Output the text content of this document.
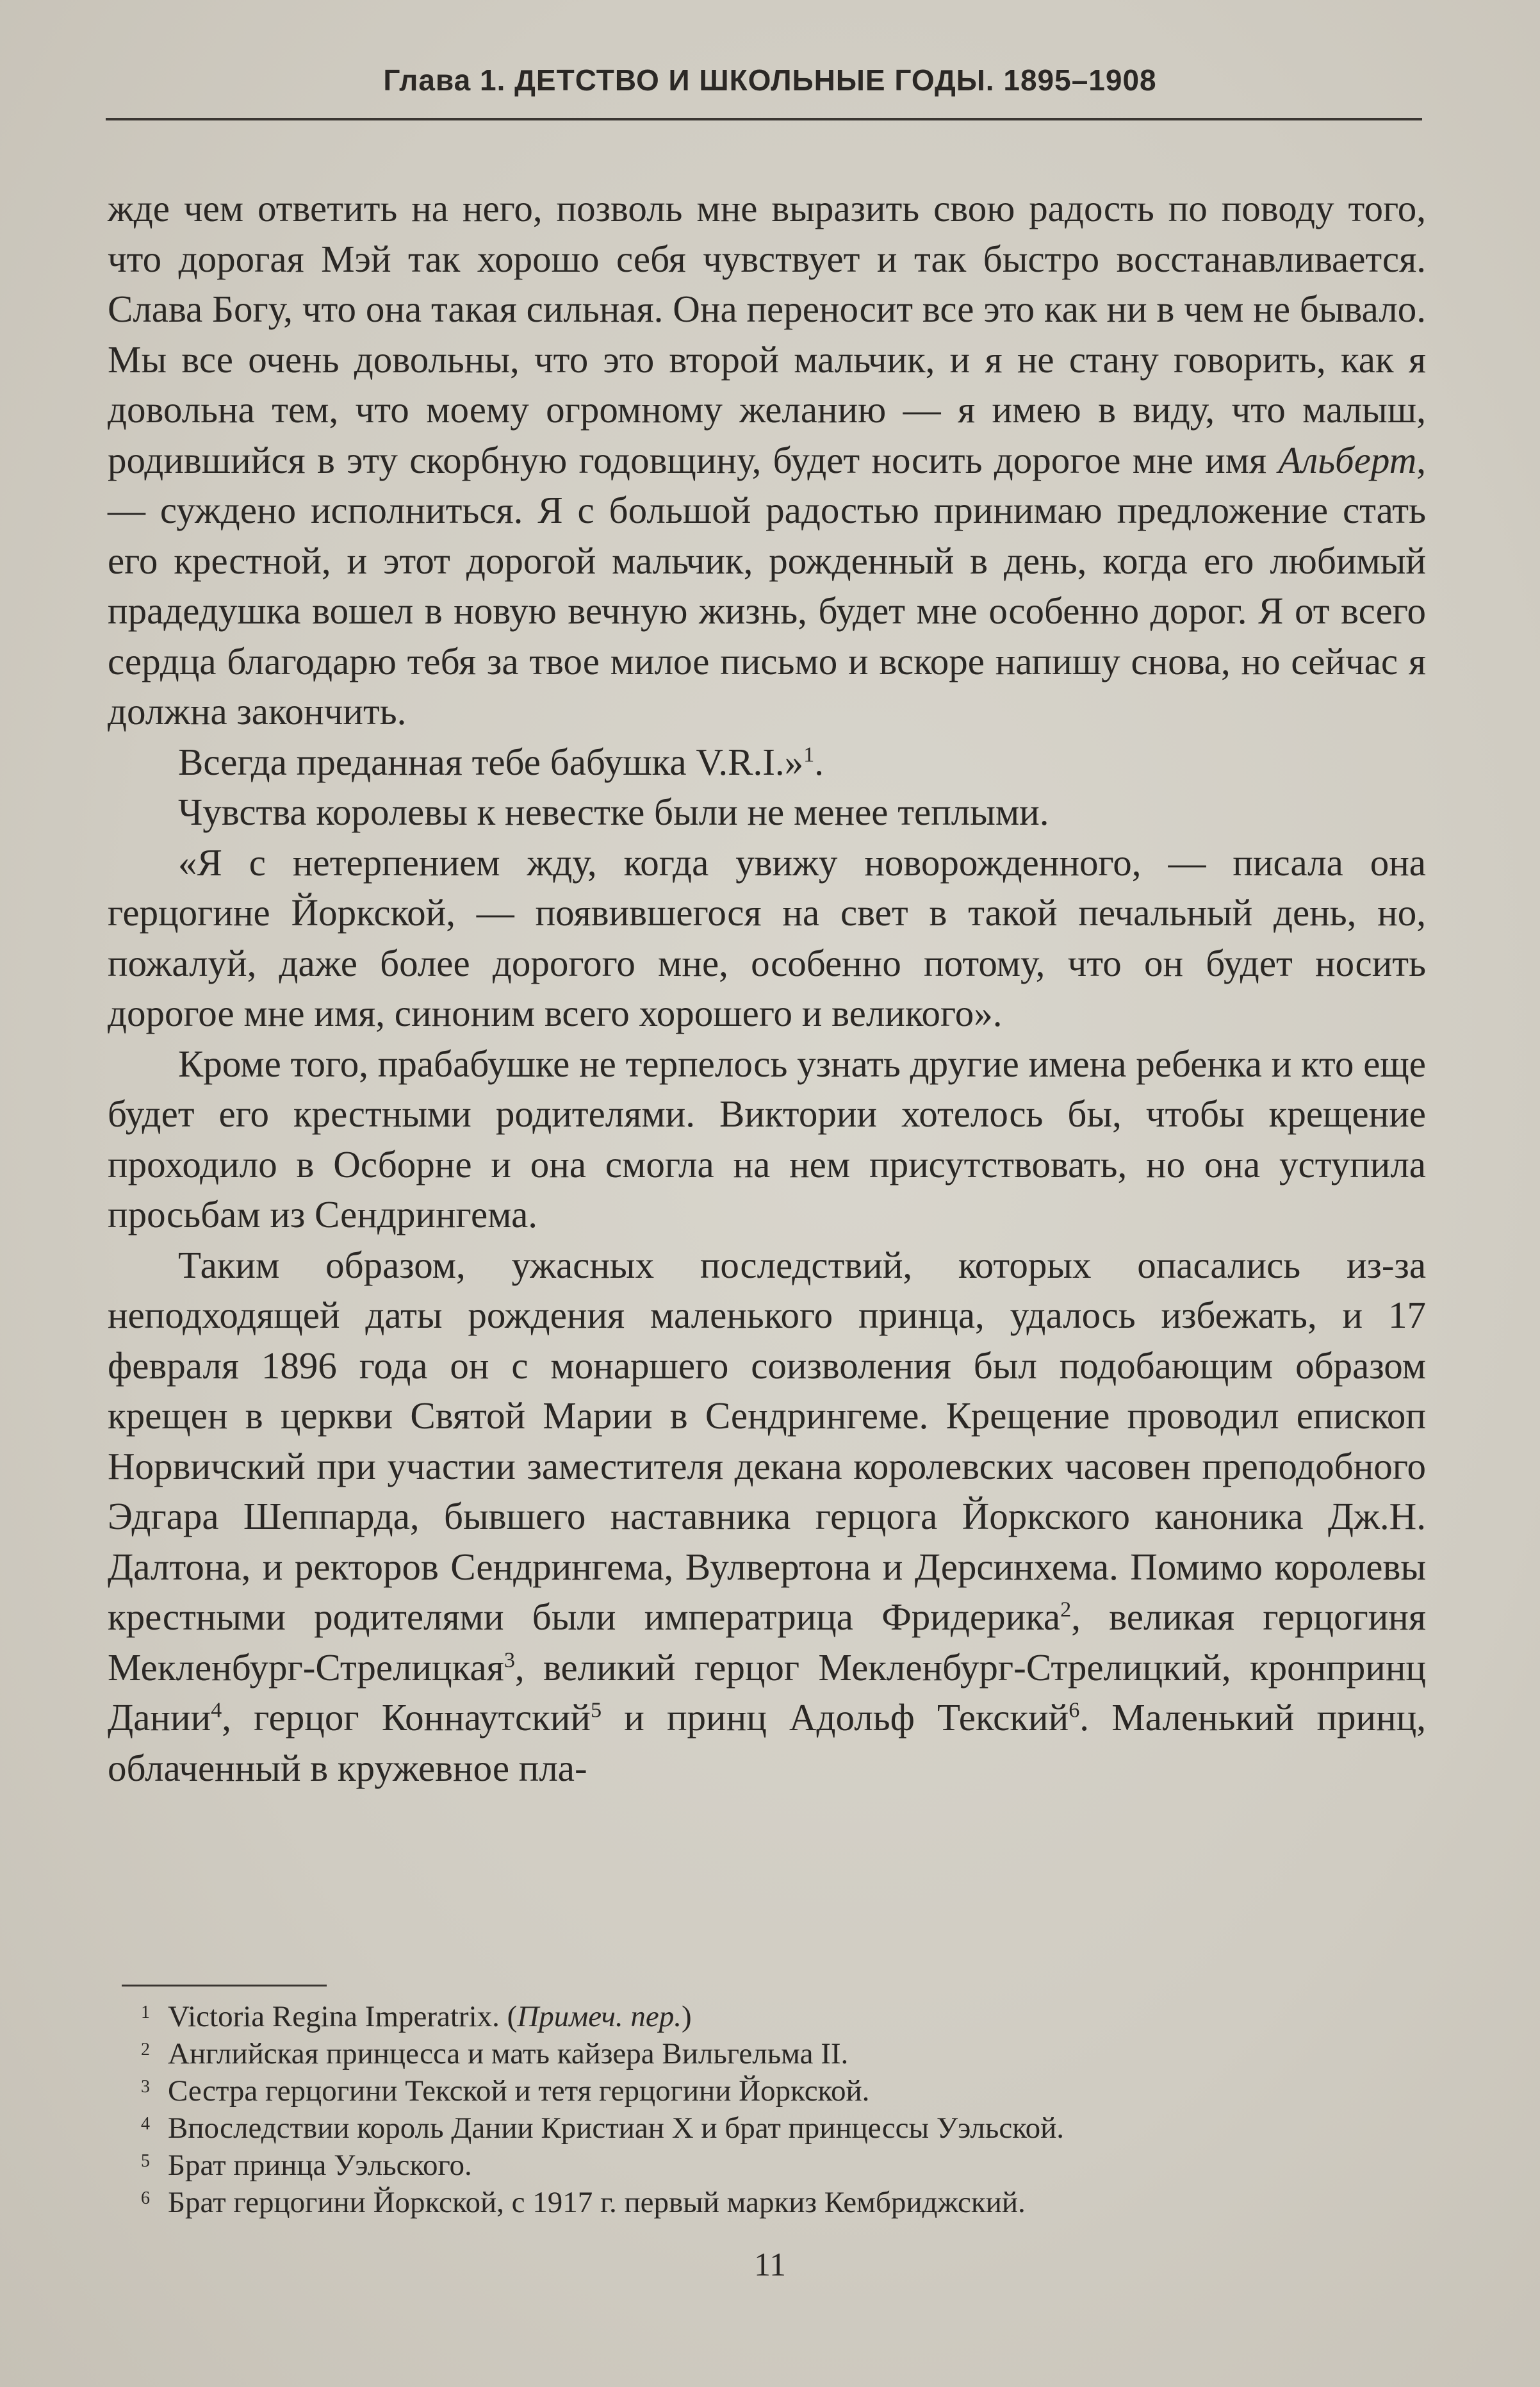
Глава 1. ДЕТСТВО И ШКОЛЬНЫЕ ГОДЫ. 1895–1908

жде чем ответить на него, позволь мне выразить свою радость по поводу того, что дорогая Мэй так хорошо себя чувствует и так быстро восстанавливается. Слава Богу, что она такая сильная. Она переносит все это как ни в чем не бывало. Мы все очень довольны, что это второй мальчик, и я не стану говорить, как я довольна тем, что моему огромному желанию — я имею в виду, что малыш, родившийся в эту скорбную годовщину, будет носить дорогое мне имя Альберт, — суждено исполниться. Я с большой радостью принимаю предложение стать его крестной, и этот дорогой мальчик, рожденный в день, когда его любимый прадедушка вошел в новую вечную жизнь, будет мне особенно дорог. Я от всего сердца благодарю тебя за твое милое письмо и вскоре напишу снова, но сейчас я должна закончить.

Всегда преданная тебе бабушка V.R.I.»$^1$.

Чувства королевы к невестке были не менее теплыми.

«Я с нетерпением жду, когда увижу новорожденного, — писала она герцогине Йоркской, — появившегося на свет в такой печальный день, но, пожалуй, даже более дорогого мне, особенно потому, что он будет носить дорогое мне имя, синоним всего хорошего и великого».

Кроме того, прабабушке не терпелось узнать другие имена ребенка и кто еще будет его крестными родителями. Виктории хотелось бы, чтобы крещение проходило в Осборне и она смогла на нем присутствовать, но она уступила просьбам из Сендрингема.

Таким образом, ужасных последствий, которых опасались из-за неподходящей даты рождения маленького принца, удалось избежать, и 17 февраля 1896 года он с монаршего соизволения был подобающим образом крещен в церкви Святой Марии в Сендрингеме. Крещение проводил епископ Норвичский при участии заместителя декана королевских часовен преподобного Эдгара Шеппарда, бывшего наставника герцога Йоркского каноника Дж.Н. Далтона, и ректоров Сендрингема, Вулвертона и Дерсинхема. Помимо королевы крестными родителями были императрица Фридерика$^2$, великая герцогиня Мекленбург-Стрелицкая$^3$, великий герцог Мекленбург-Стрелицкий, кронпринц Дании$^4$, герцог Коннаутский$^5$ и принц Адольф Текский$^6$. Маленький принц, облаченный в кружевное пла-

1 Victoria Regina Imperatrix. (Примеч. пер.)
2 Английская принцесса и мать кайзера Вильгельма II.
3 Сестра герцогини Текской и тетя герцогини Йоркской.
4 Впоследствии король Дании Кристиан X и брат принцессы Уэльской.
5 Брат принца Уэльского.
6 Брат герцогини Йоркской, с 1917 г. первый маркиз Кембриджский.
11
